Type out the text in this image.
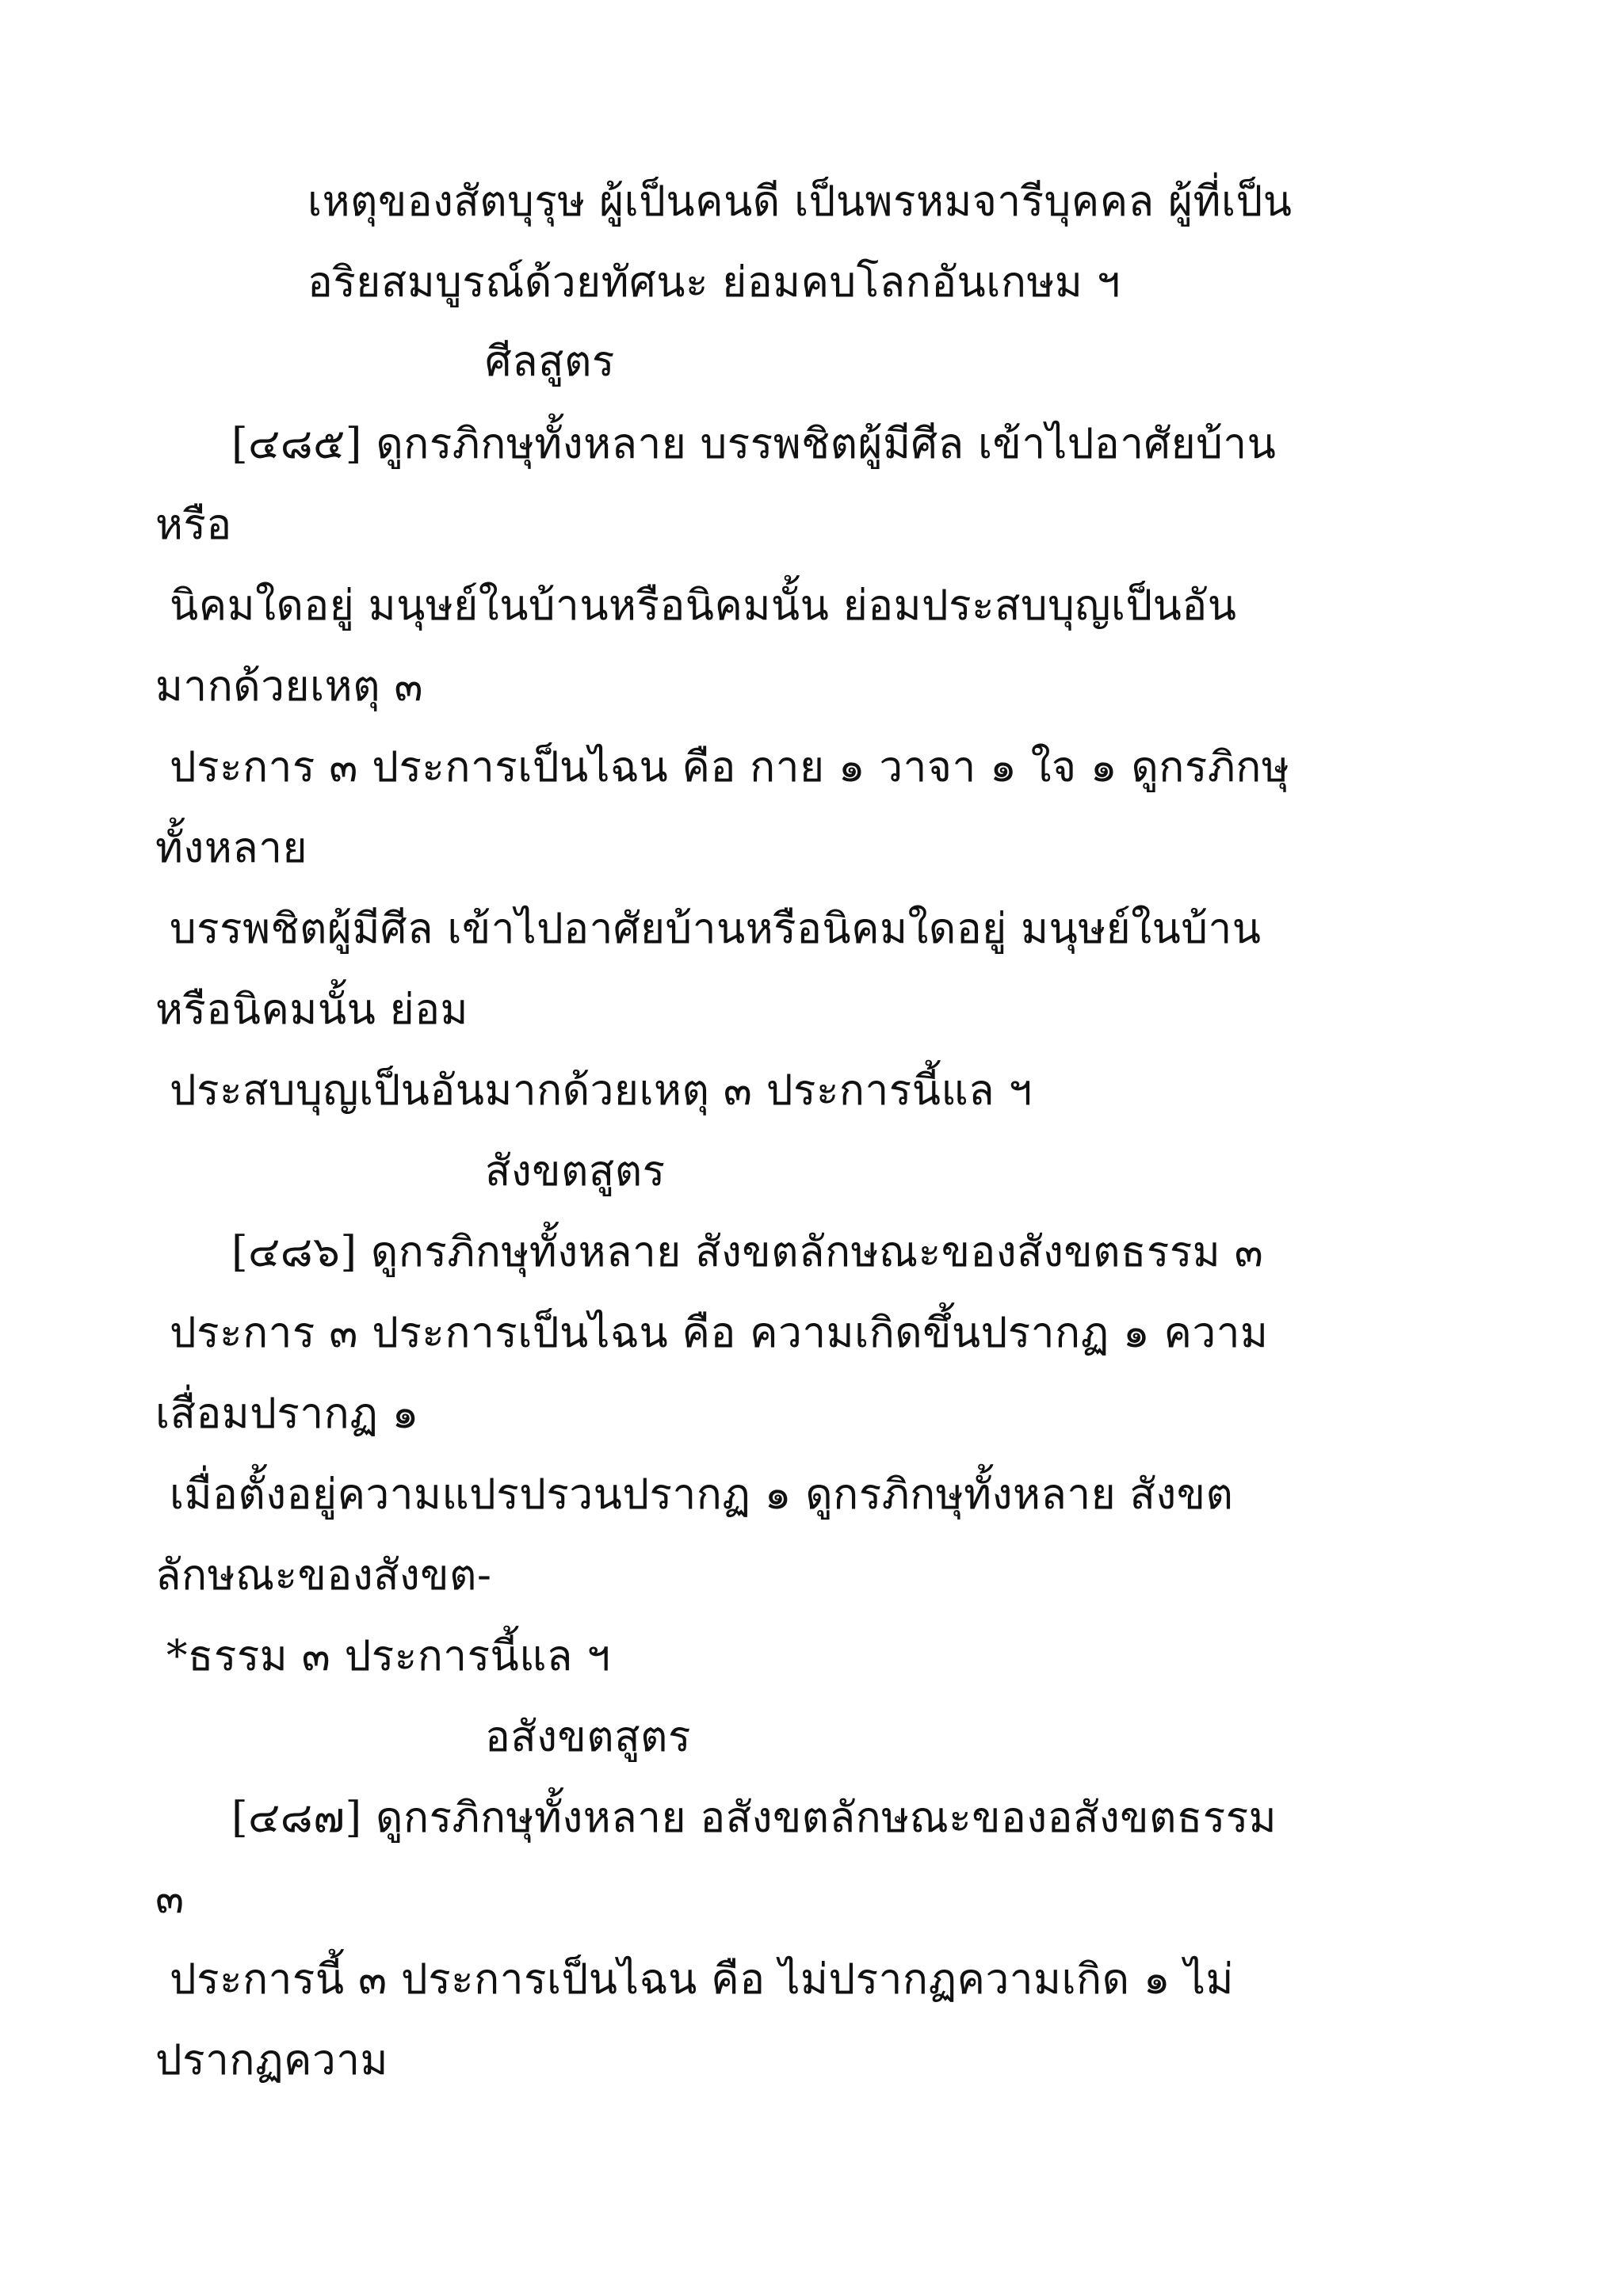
เหตุของสัตบุรุษ ผู้เป็นคนดี เป็นพรหมจารีบุคคล ผู้ที่เป็น
อริยสมบูรณ์ด้วยทัศนะ ย่อมคบโลกอันเกษม ฯ
ศีลสูตร
[๔๘๕] ดูกรภิกษุทั้งหลาย บรรพชิตผู้มีศีล เข้าไปอาศัยบ้าน
หรือ
นิคมใดอยู่ มนุษย์ในบ้านหรือนิคมนั้น ย่อมประสบบุญเป็นอัน
มากด้วยเหตุ ๓
ประการ ๓ ประการเป็นไฉน คือ กาย ๑ วาจา ๑ ใจ ๑ ดูกรภิกษุ
ทั้งหลาย
บรรพชิตผู้มีศีล เข้าไปอาศัยบ้านหรือนิคมใดอยู่ มนุษย์ในบ้าน
หรือนิคมนั้น ย่อม
ประสบบุญเป็นอันมากด้วยเหตุ ๓ ประการนี้แล ฯ
สังขตสูตร
[๔๘๖] ดูกรภิกษุทั้งหลาย สังขตลักษณะของสังขตธรรม ๓
ประการ ๓ ประการเป็นไฉน คือ ความเกิดขึ้นปรากฏ ๑ ความ
เสื่อมปรากฏ ๑
เมื่อตั้งอยู่ความแปรปรวนปรากฏ ๑ ดูกรภิกษุทั้งหลาย สังขต
ลักษณะของสังขต-
*ธรรม ๓ ประการนี้แล ฯ
อสังขตสูตร
[๔๘๗] ดูกรภิกษุทั้งหลาย อสังขตลักษณะของอสังขตธรรม
๓
ประการนี้ ๓ ประการเป็นไฉน คือ ไม่ปรากฏความเกิด ๑ ไม่
ปรากฏความ
